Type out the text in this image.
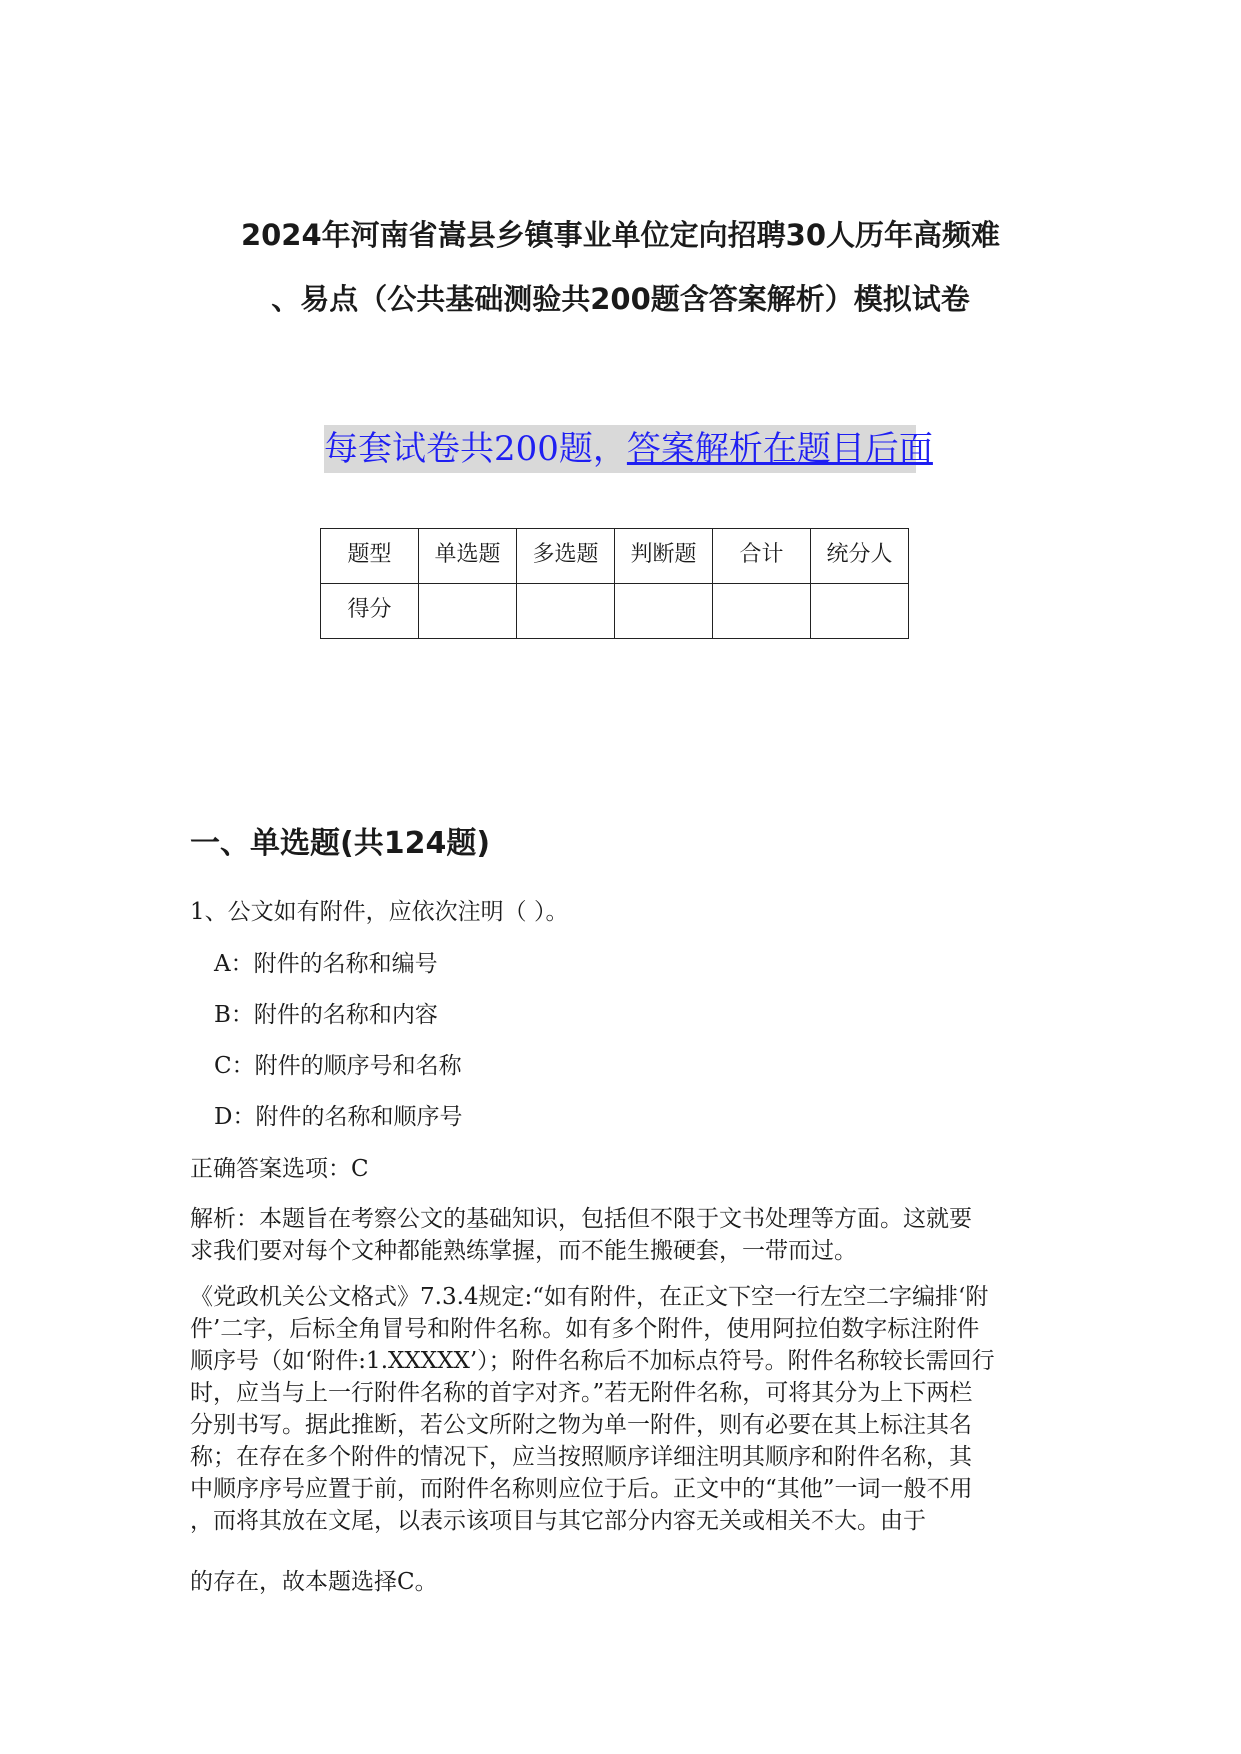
2024年河南省嵩县乡镇事业单位定向招聘30人历年高频难
、易点（公共基础测验共200题含答案解析）模拟试卷
每套试卷共200题，答案解析在题目后面
题型	单选题	多选题	判断题	合计	统分人
得分					
一、单选题(共124题)
1、公文如有附件，应依次注明（ ）。
A：附件的名称和编号
B：附件的名称和内容
C：附件的顺序号和名称
D：附件的名称和顺序号
正确答案选项：C
解析：本题旨在考察公文的基础知识，包括但不限于文书处理等方面。这就要
求我们要对每个文种都能熟练掌握，而不能生搬硬套，一带而过。
《党政机关公文格式》7.3.4规定:“如有附件，在正文下空一行左空二字编排‘附
件’二字，后标全角冒号和附件名称。如有多个附件，使用阿拉伯数字标注附件
顺序号（如‘附件:1.XXXXX’）；附件名称后不加标点符号。附件名称较长需回行
时，应当与上一行附件名称的首字对齐。”若无附件名称，可将其分为上下两栏
分别书写。据此推断，若公文所附之物为单一附件，则有必要在其上标注其名
称；在存在多个附件的情况下，应当按照顺序详细注明其顺序和附件名称，其
中顺序序号应置于前，而附件名称则应位于后。正文中的“其他”一词一般不用
，而将其放在文尾，以表示该项目与其它部分内容无关或相关不大。由于
的存在，故本题选择C。
